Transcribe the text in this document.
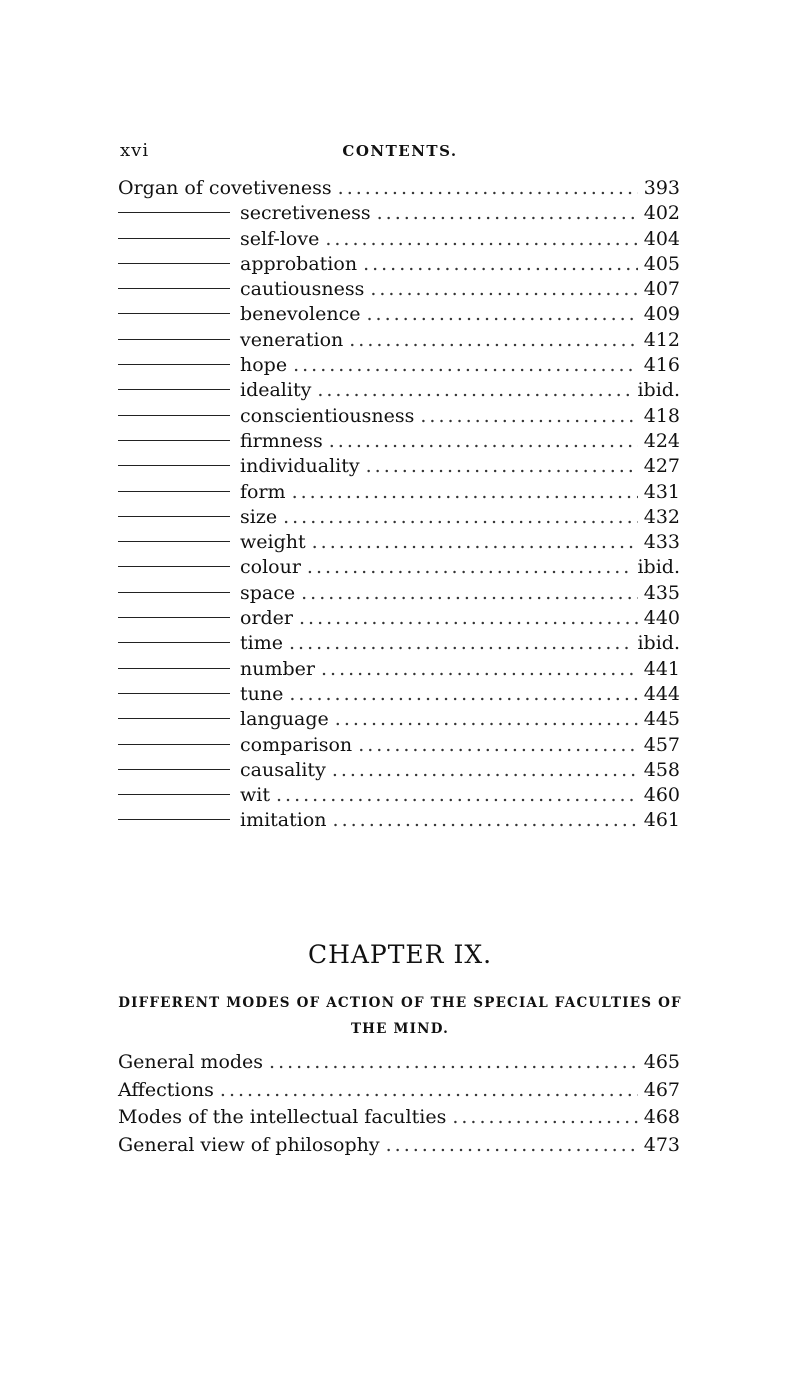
xvi	CONTENTS.
Organ of covetiveness .....	393
secretiveness .....	402
self-love .....	404
approbation .....	405
cautiousness .....	407
benevolence .....	409
veneration .....	412
hope .....	416
ideality .....	ibid.
conscientiousness .....	418
firmness .....	424
individuality .....	427
form .....	431
size .....	432
weight .....	433
colour .....	ibid.
space .....	435
order .....	440
time .....	ibid.
number .....	441
tune .....	444
language .....	445
comparison .....	457
causality .....	458
wit .....	460
imitation .....	461
CHAPTER IX.
DIFFERENT MODES OF ACTION OF THE SPECIAL FACULTIES OF THE MIND.
General modes .....	465
Affections .....	467
Modes of the intellectual faculties .....	468
General view of philosophy .....	473
